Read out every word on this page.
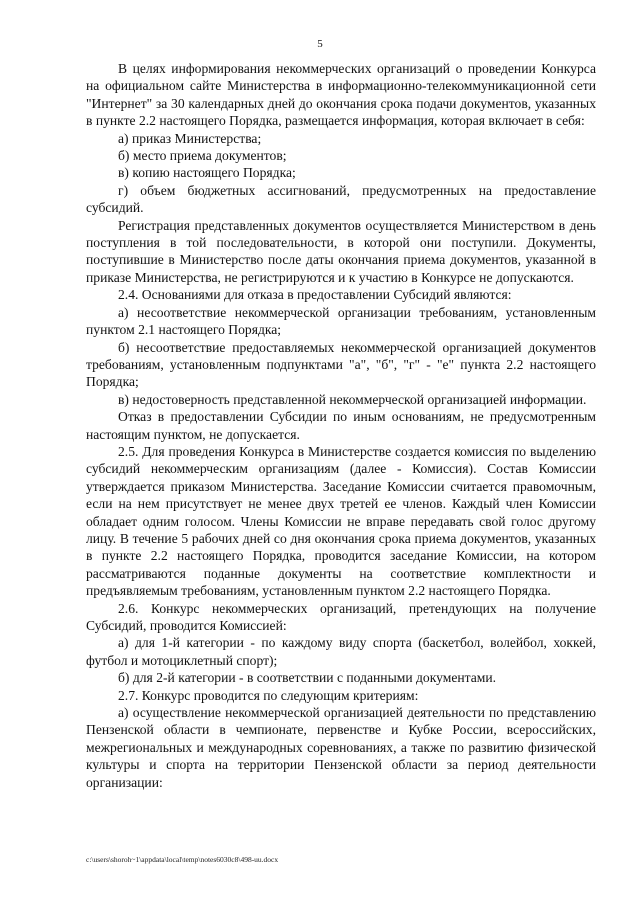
5

В целях информирования некоммерческих организаций о проведении Конкурса на официальном сайте Министерства в информационно-телекоммуникационной сети "Интернет" за 30 календарных дней до окончания срока подачи документов, указанных в пункте 2.2 настоящего Порядка, размещается информация, которая включает в себя:

а) приказ Министерства;

б) место приема документов;

в) копию настоящего Порядка;

г) объем бюджетных ассигнований, предусмотренных на предоставление субсидий.

Регистрация представленных документов осуществляется Министерством в день поступления в той последовательности, в которой они поступили. Документы, поступившие в Министерство после даты окончания приема документов, указанной в приказе Министерства, не регистрируются и к участию в Конкурсе не допускаются.

2.4. Основаниями для отказа в предоставлении Субсидий являются:

а) несоответствие некоммерческой организации требованиям, установленным пунктом 2.1 настоящего Порядка;

б) несоответствие предоставляемых некоммерческой организацией документов требованиям, установленным подпунктами "а", "б", "г" - "е" пункта 2.2 настоящего Порядка;

в) недостоверность представленной некоммерческой организацией информации.

Отказ в предоставлении Субсидии по иным основаниям, не предусмотренным настоящим пунктом, не допускается.

2.5. Для проведения Конкурса в Министерстве создается комиссия по выделению субсидий некоммерческим организациям (далее - Комиссия). Состав Комиссии утверждается приказом Министерства. Заседание Комиссии считается правомочным, если на нем присутствует не менее двух третей ее членов. Каждый член Комиссии обладает одним голосом. Члены Комиссии не вправе передавать свой голос другому лицу. В течение 5 рабочих дней со дня окончания срока приема документов, указанных в пункте 2.2 настоящего Порядка, проводится заседание Комиссии, на котором рассматриваются поданные документы на соответствие комплектности и предъявляемым требованиям, установленным пунктом 2.2 настоящего Порядка.

2.6. Конкурс некоммерческих организаций, претендующих на получение Субсидий, проводится Комиссией:

а) для 1-й категории - по каждому виду спорта (баскетбол, волейбол, хоккей, футбол и мотоциклетный спорт);

б) для 2-й категории - в соответствии с поданными документами.

2.7. Конкурс проводится по следующим критериям:

а) осуществление некоммерческой организацией деятельности по представлению Пензенской области в чемпионате, первенстве и Кубке России, всероссийских, межрегиональных и международных соревнованиях, а также по развитию физической культуры и спорта на территории Пензенской области за период деятельности организации:

c:\users\shoroh~1\appdata\local\temp\notes6030c8\498-uu.docx
